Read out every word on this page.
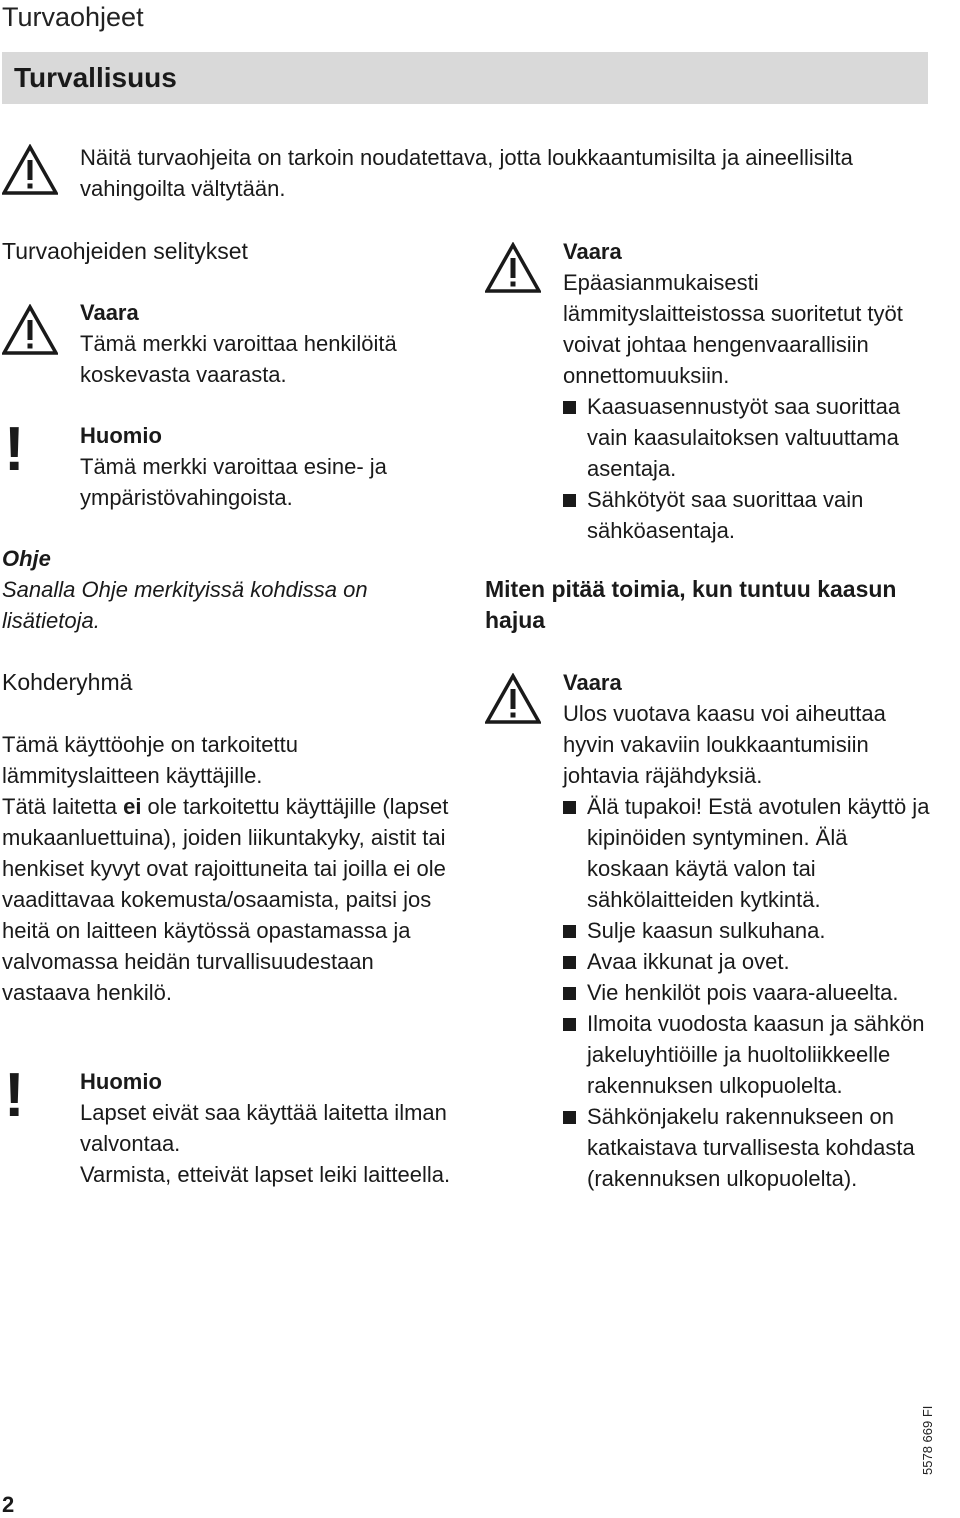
Turvaohjeet
Turvallisuus
Näitä turvaohjeita on tarkoin noudatettava, jotta loukkaantumisilta ja aineellisilta vahingoilta vältytään.
Turvaohjeiden selitykset
Vaara
Tämä merkki varoittaa henkilöitä koskevasta vaarasta.
!	Huomio
Tämä merkki varoittaa esine- ja ympäristövahingoista.
Ohje
Sanalla Ohje merkityissä kohdissa on lisätietoja.
Kohderyhmä
Tämä käyttöohje on tarkoitettu lämmityslaitteen käyttäjille.
Tätä laitetta ei ole tarkoitettu käyttäjille (lapset mukaanluettuina), joiden liikuntakyky, aistit tai henkiset kyvyt ovat rajoittuneita tai joilla ei ole vaadittavaa kokemusta/osaamista, paitsi jos heitä on laitteen käytössä opastamassa ja valvomassa heidän turvallisuudestaan vastaava henkilö.
!	Huomio
Lapset eivät saa käyttää laitetta ilman valvontaa.
Varmista, etteivät lapset leiki laitteella.
Vaara
Epäasianmukaisesti lämmityslaitteistossa suoritetut työt voivat johtaa hengenvaarallisiin onnettomuuksiin.
Kaasuasennustyöt saa suorittaa vain kaasulaitoksen valtuuttama asentaja.
Sähkötyöt saa suorittaa vain sähköasentaja.
Miten pitää toimia, kun tuntuu kaasun hajua
Vaara
Ulos vuotava kaasu voi aiheuttaa hyvin vakaviin loukkaantumisiin johtavia räjähdyksiä.
Älä tupakoi! Estä avotulen käyttö ja kipinöiden syntyminen. Älä koskaan käytä valon tai sähkölaitteiden kytkintä.
Sulje kaasun sulkuhana.
Avaa ikkunat ja ovet.
Vie henkilöt pois vaara-alueelta.
Ilmoita vuodosta kaasun ja sähkön jakeluyhtiöille ja huoltoliikkeelle rakennuksen ulkopuolelta.
Sähkönjakelu rakennukseen on katkaistava turvallisesta kohdasta (rakennuksen ulkopuolelta).
2
5578 669 FI
